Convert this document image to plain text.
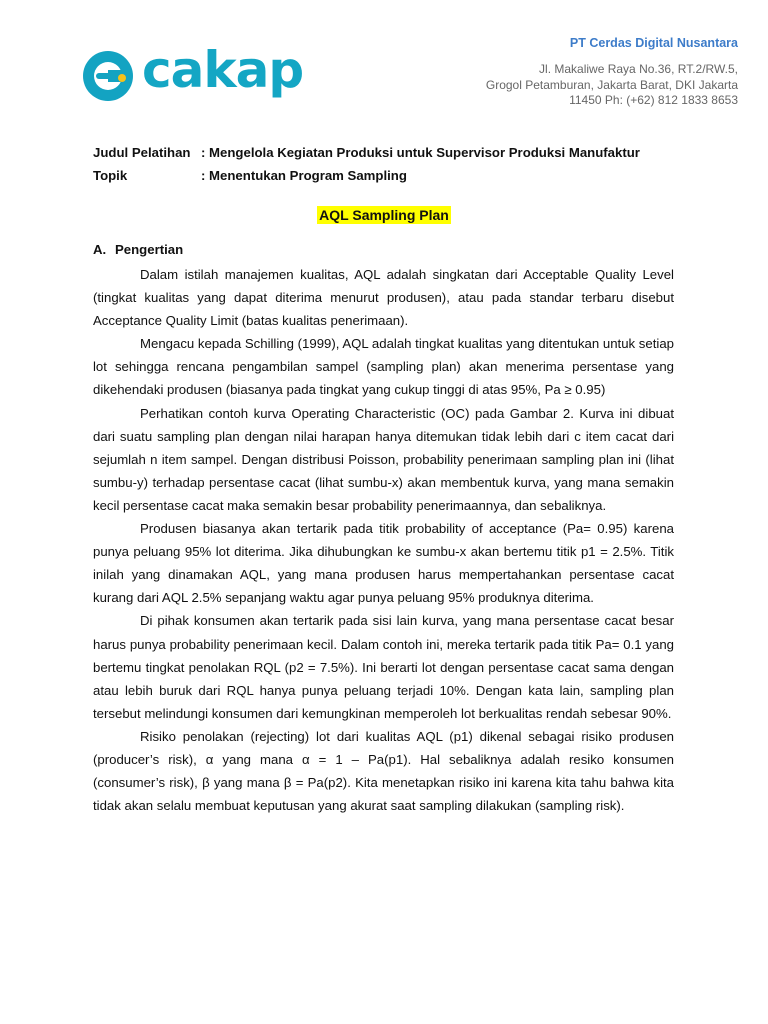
cakap	PT Cerdas Digital Nusantara
Jl. Makaliwe Raya No.36, RT.2/RW.5,
Grogol Petamburan, Jakarta Barat, DKI Jakarta
11450 Ph: (+62) 812 1833 8653
Judul Pelatihan : Mengelola Kegiatan Produksi untuk Supervisor Produksi Manufaktur
Topik	: Menentukan Program Sampling
AQL Sampling Plan
A. Pengertian

Dalam istilah manajemen kualitas, AQL adalah singkatan dari Acceptable Quality Level (tingkat kualitas yang dapat diterima menurut produsen), atau pada standar terbaru disebut Acceptance Quality Limit (batas kualitas penerimaan).

Mengacu kepada Schilling (1999), AQL adalah tingkat kualitas yang ditentukan untuk setiap lot sehingga rencana pengambilan sampel (sampling plan) akan menerima persentase yang dikehendaki produsen (biasanya pada tingkat yang cukup tinggi di atas 95%, Pa ≥ 0.95)

Perhatikan contoh kurva Operating Characteristic (OC) pada Gambar 2. Kurva ini dibuat dari suatu sampling plan dengan nilai harapan hanya ditemukan tidak lebih dari c item cacat dari sejumlah n item sampel. Dengan distribusi Poisson, probability penerimaan sampling plan ini (lihat sumbu-y) terhadap persentase cacat (lihat sumbu-x) akan membentuk kurva, yang mana semakin kecil persentase cacat maka semakin besar probability penerimaannya, dan sebaliknya.

Produsen biasanya akan tertarik pada titik probability of acceptance (Pa= 0.95) karena punya peluang 95% lot diterima. Jika dihubungkan ke sumbu-x akan bertemu titik p1 = 2.5%. Titik inilah yang dinamakan AQL, yang mana produsen harus mempertahankan persentase cacat kurang dari AQL 2.5% sepanjang waktu agar punya peluang 95% produknya diterima.

Di pihak konsumen akan tertarik pada sisi lain kurva, yang mana persentase cacat besar harus punya probability penerimaan kecil. Dalam contoh ini, mereka tertarik pada titik Pa= 0.1 yang bertemu tingkat penolakan RQL (p2 = 7.5%). Ini berarti lot dengan persentase cacat sama dengan atau lebih buruk dari RQL hanya punya peluang terjadi 10%. Dengan kata lain, sampling plan tersebut melindungi konsumen dari kemungkinan memperoleh lot berkualitas rendah sebesar 90%.

Risiko penolakan (rejecting) lot dari kualitas AQL (p1) dikenal sebagai risiko produsen (producer’s risk), α yang mana α = 1 – Pa(p1). Hal sebaliknya adalah resiko konsumen (consumer’s risk), β yang mana β = Pa(p2). Kita menetapkan risiko ini karena kita tahu bahwa kita tidak akan selalu membuat keputusan yang akurat saat sampling dilakukan (sampling risk).
